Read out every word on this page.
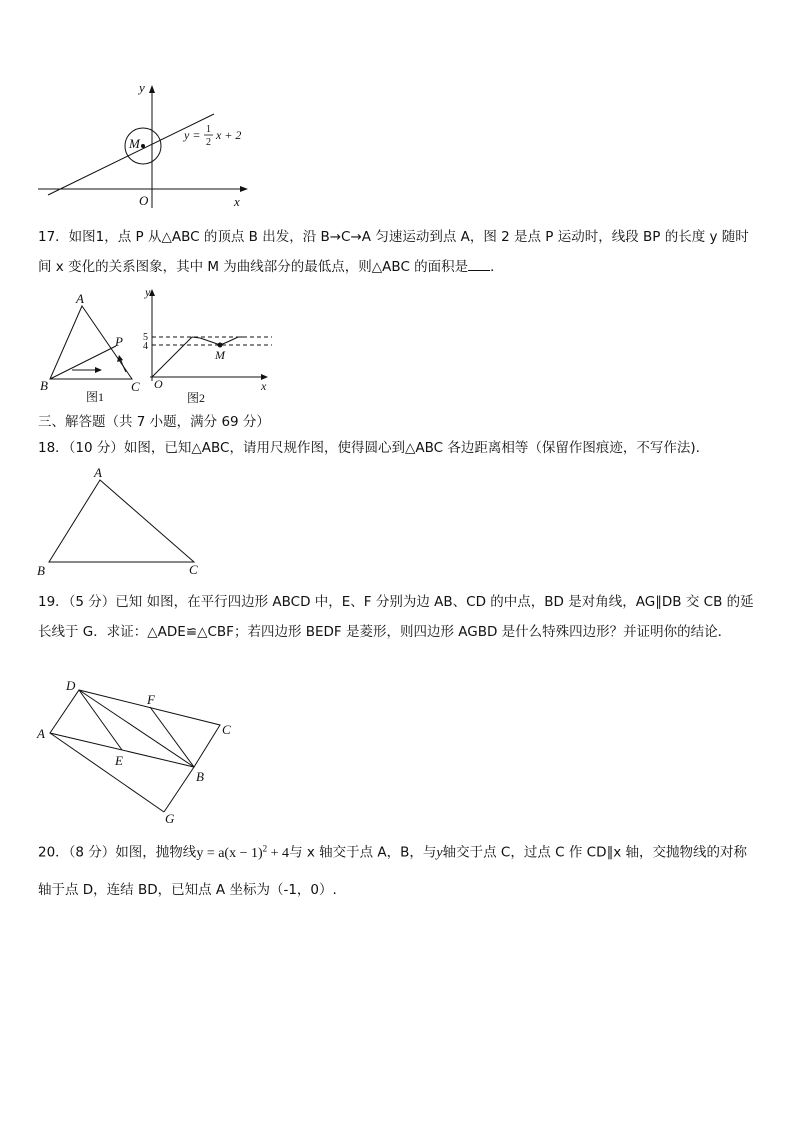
y
x
O
M
y = 1
2
x + 2
17．如图1，点 P 从△ABC 的顶点 B 出发，沿 B→C→A 匀速运动到点 A，图 2 是点 P 运动时，线段 BP 的长度 y 随时间 x 变化的关系图象，其中 M 为曲线部分的最低点，则△ABC 的面积是 ．
A
B	C
P
图1
y
x
O
5
4
M
图2
三、解答题（共 7 小题，满分 69 分）
18．（10 分）如图，已知△ABC，请用尺规作图，使得圆心到△ABC 各边距离相等（保留作图痕迹，不写作法).
A
B	C
19．（5 分）已知 如图，在平行四边形 ABCD 中，E、F 分别为边 AB、CD 的中点，BD 是对角线，AG∥DB 交 CB 的延长线于 G．求证：△ADE≌△CBF；若四边形 BEDF 是菱形，则四边形 AGBD 是什么特殊四边形？并证明你的结论．
D
F
C
A
E
B
G
20．（8 分）如图，抛物线$y = a(x - 1)^2 + 4$与 x 轴交于点 A，B，与y轴交于点 C，过点 C 作 CD∥x 轴，交抛物线的对称轴于点 D，连结 BD，已知点 A 坐标为（-1，0）.
